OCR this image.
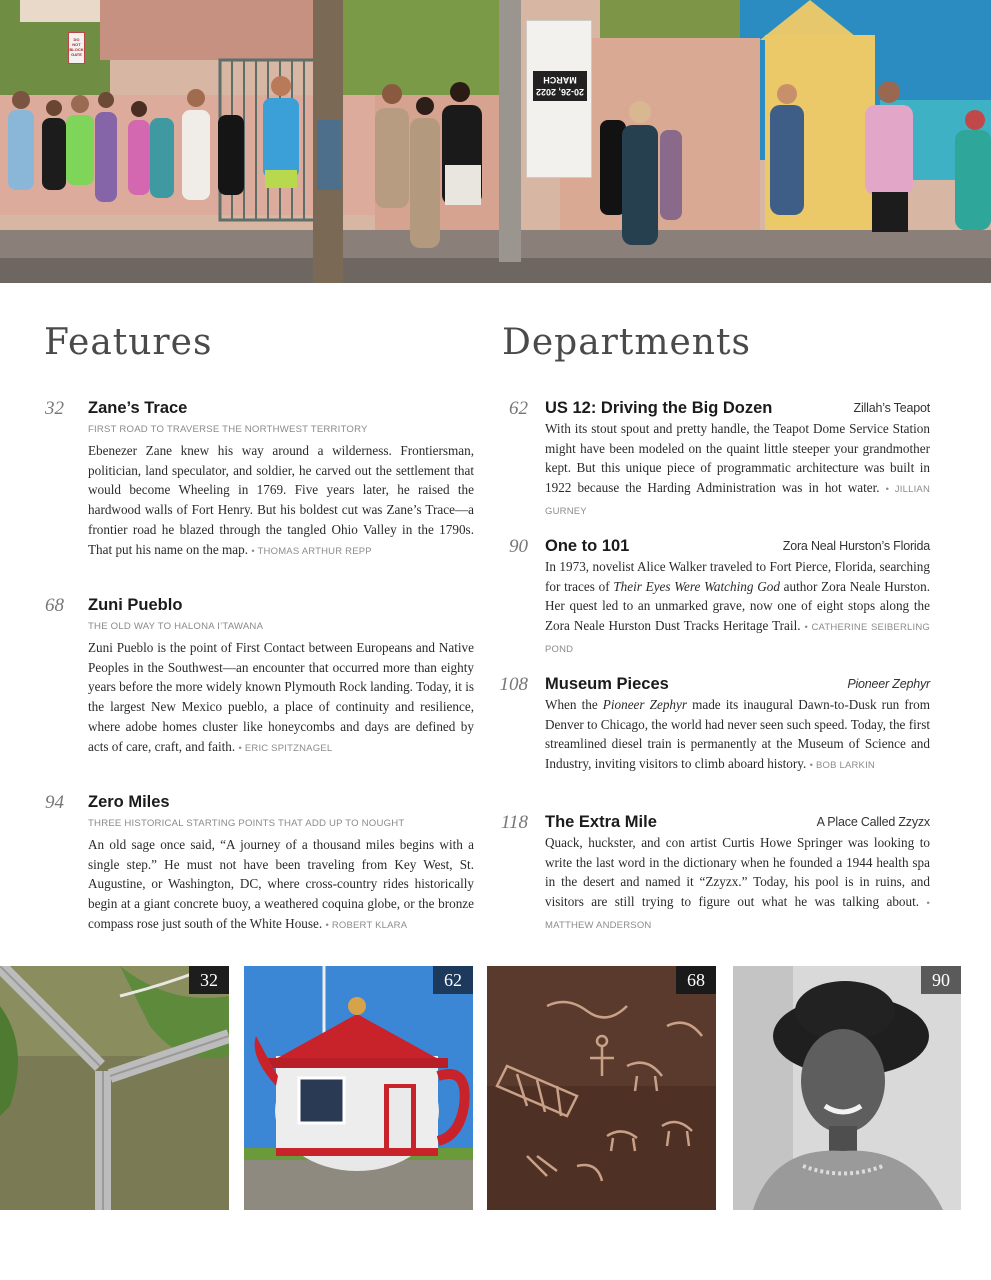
20-26, 2022
MARCH
DO NOT BLOCK GATE
Features	Departments
32 Zane’s Trace
FIRST ROAD TO TRAVERSE THE NORTHWEST TERRITORY

Ebenezer Zane knew his way around a wilderness. Frontiersman, politician, land speculator, and soldier, he carved out the settlement that would become Wheeling in 1769. Five years later, he raised the hardwood walls of Fort Henry. But his boldest cut was Zane’s Trace—a frontier road he blazed through the tangled Ohio Valley in the 1790s. That put his name on the map. • THOMAS ARTHUR REPP

68 Zuni Pueblo
THE OLD WAY TO HALONA I’TAWANA

Zuni Pueblo is the point of First Contact between Europeans and Native Peoples in the Southwest—an encounter that occurred more than eighty years before the more widely known Plymouth Rock landing. Today, it is the largest New Mexico pueblo, a place of continuity and resilience, where adobe homes cluster like honeycombs and days are defined by acts of care, craft, and faith. • ERIC SPITZNAGEL

94 Zero Miles
THREE HISTORICAL STARTING POINTS THAT ADD UP TO NOUGHT

An old sage once said, “A journey of a thousand miles begins with a single step.” He must not have been traveling from Key West, St. Augustine, or Washington, DC, where cross-country rides historically begin at a giant concrete buoy, a weathered coquina globe, or the bronze compass rose just south of the White House. • ROBERT KLARA

62 US 12: Driving the Big Dozen	Zillah’s Teapot

With its stout spout and pretty handle, the Teapot Dome Service Station might have been modeled on the quaint little steeper your grandmother kept. But this unique piece of programmatic architecture was built in 1922 because the Harding Administration was in hot water. • JILLIAN GURNEY

90 One to 101	Zora Neal Hurston’s Florida

In 1973, novelist Alice Walker traveled to Fort Pierce, Florida, searching for traces of Their Eyes Were Watching God author Zora Neale Hurston. Her quest led to an unmarked grave, now one of eight stops along the Zora Neale Hurston Dust Tracks Heritage Trail. • CATHERINE SEIBERLING POND

108 Museum Pieces	Pioneer Zephyr

When the Pioneer Zephyr made its inaugural Dawn-to-Dusk run from Denver to Chicago, the world had never seen such speed. Today, the first streamlined diesel train is permanently at the Museum of Science and Industry, inviting visitors to climb aboard history. • BOB LARKIN

118 The Extra Mile	A Place Called Zzyzx

Quack, huckster, and con artist Curtis Howe Springer was looking to write the last word in the dictionary when he founded a 1944 health spa in the desert and named it “Zzyzx.” Today, his pool is in ruins, and visitors are still trying to figure out what he was talking about. • MATTHEW ANDERSON

32	62	68	90
